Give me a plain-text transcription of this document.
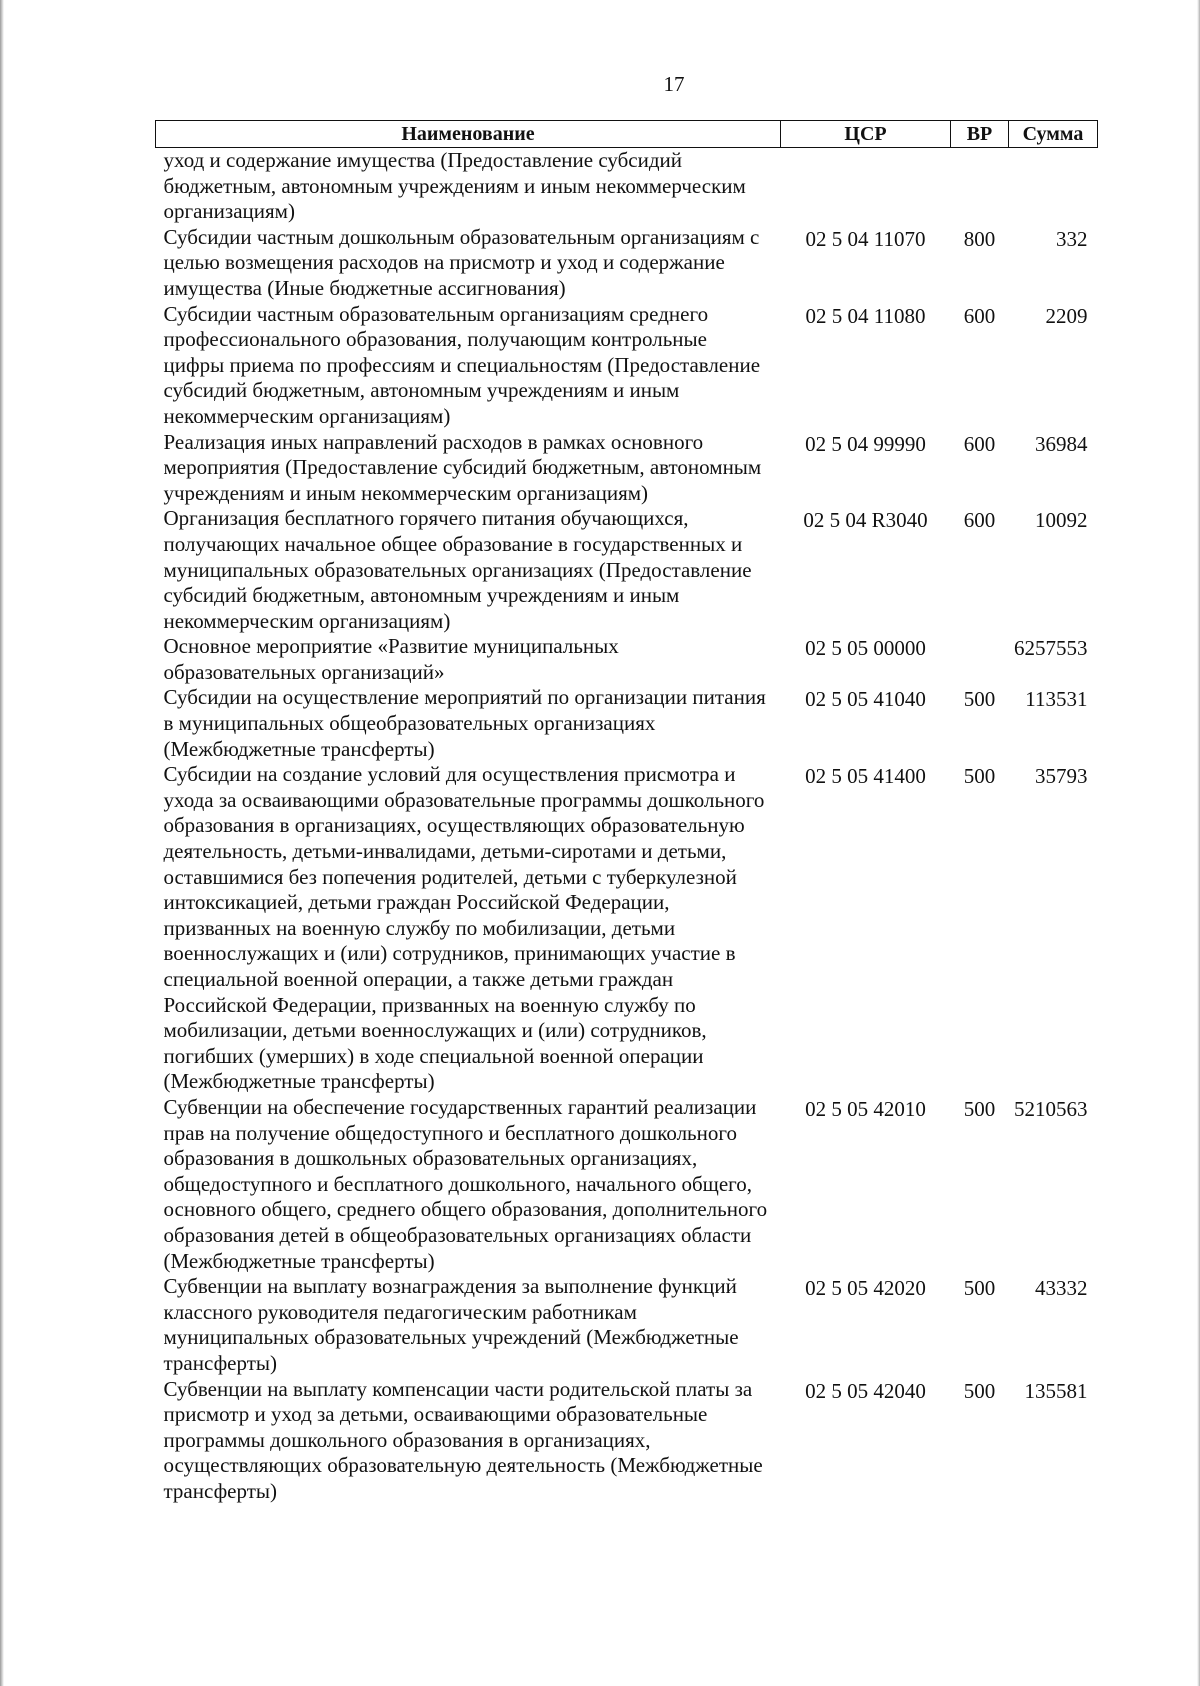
17
Наименование	ЦСР	ВР	Сумма
уход и содержание имущества (Предоставление субсидий бюджетным, автономным учреждениям и иным некоммерческим организациям)			
Субсидии частным дошкольным образовательным организациям с целью возмещения расходов на присмотр и уход и содержание имущества (Иные бюджетные ассигнования)	02 5 04 11070	800	332
Субсидии частным образовательным организациям среднего профессионального образования, получающим контрольные цифры приема по профессиям и специальностям (Предоставление субсидий бюджетным, автономным учреждениям и иным некоммерческим организациям)	02 5 04 11080	600	2209
Реализация иных направлений расходов в рамках основного мероприятия (Предоставление субсидий бюджетным, автономным учреждениям и иным некоммерческим организациям)	02 5 04 99990	600	36984
Организация бесплатного горячего питания обучающихся, получающих начальное общее образование в государственных и муниципальных образовательных организациях (Предоставление субсидий бюджетным, автономным учреждениям и иным некоммерческим организациям)	02 5 04 R3040	600	10092
Основное мероприятие «Развитие муниципальных образовательных организаций»	02 5 05 00000		6257553
Субсидии на осуществление мероприятий по организации питания в муниципальных общеобразовательных организациях (Межбюджетные трансферты)	02 5 05 41040	500	113531
Субсидии на создание условий для осуществления присмотра и ухода за осваивающими образовательные программы дошкольного образования в организациях, осуществляющих образовательную деятельность, детьми-инвалидами, детьми-сиротами и детьми, оставшимися без попечения родителей, детьми с туберкулезной интоксикацией, детьми граждан Российской Федерации, призванных на военную службу по мобилизации, детьми военнослужащих и (или) сотрудников, принимающих участие в специальной военной операции, а также детьми граждан Российской Федерации, призванных на военную службу по мобилизации, детьми военнослужащих и (или) сотрудников, погибших (умерших) в ходе специальной военной операции (Межбюджетные трансферты)	02 5 05 41400	500	35793
Субвенции на обеспечение государственных гарантий реализации прав на получение общедоступного и бесплатного дошкольного образования в дошкольных образовательных организациях, общедоступного и бесплатного дошкольного, начального общего, основного общего, среднего общего образования, дополнительного образования детей в общеобразовательных организациях области (Межбюджетные трансферты)	02 5 05 42010	500	5210563
Субвенции на выплату вознаграждения за выполнение функций классного руководителя педагогическим работникам муниципальных образовательных учреждений (Межбюджетные трансферты)	02 5 05 42020	500	43332
Субвенции на выплату компенсации части родительской платы за присмотр и уход за детьми, осваивающими образовательные программы дошкольного образования в организациях, осуществляющих образовательную деятельность (Межбюджетные трансферты)	02 5 05 42040	500	135581
